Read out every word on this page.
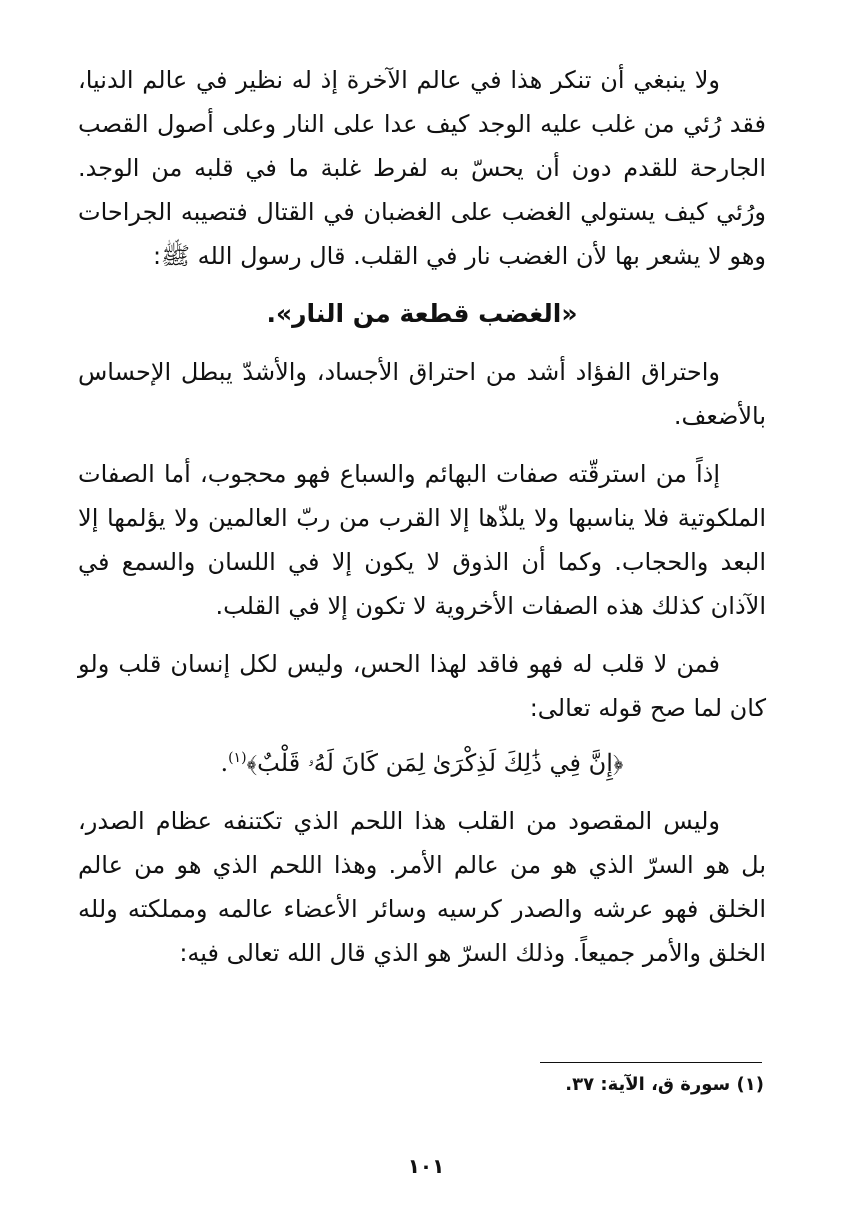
ولا ينبغي أن تنكر هذا في عالم الآخرة إذ له نظير في عالم الدنيا، فقد رُئي من غلب عليه الوجد كيف عدا على النار وعلى أصول القصب الجارحة للقدم دون أن يحسّ به لفرط غلبة ما في قلبه من الوجد. ورُئي كيف يستولي الغضب على الغضبان في القتال فتصيبه الجراحات وهو لا يشعر بها لأن الغضب نار في القلب. قال رسول الله ﷺ:

«الغضب قطعة من النار».

واحتراق الفؤاد أشد من احتراق الأجساد، والأشدّ يبطل الإحساس بالأضعف.

إذاً من استرقّته صفات البهائم والسباع فهو محجوب، أما الصفات الملكوتية فلا يناسبها ولا يلذّها إلا القرب من ربّ العالمين ولا يؤلمها إلا البعد والحجاب. وكما أن الذوق لا يكون إلا في اللسان والسمع في الآذان كذلك هذه الصفات الأخروية لا تكون إلا في القلب.

فمن لا قلب له فهو فاقد لهذا الحس، وليس لكل إنسان قلب ولو كان لما صح قوله تعالى:

﴿إِنَّ فِي ذَٰلِكَ لَذِكْرَىٰ لِمَن كَانَ لَهُۥ قَلْبٌ﴾$^{(١)}$.

وليس المقصود من القلب هذا اللحم الذي تكتنفه عظام الصدر، بل هو السرّ الذي هو من عالم الأمر. وهذا اللحم الذي هو من عالم الخلق فهو عرشه والصدر كرسيه وسائر الأعضاء عالمه ومملكته ولله الخلق والأمر جميعاً. وذلك السرّ هو الذي قال الله تعالى فيه:

(١) سورة ق، الآية: ٣٧.
١٠١
